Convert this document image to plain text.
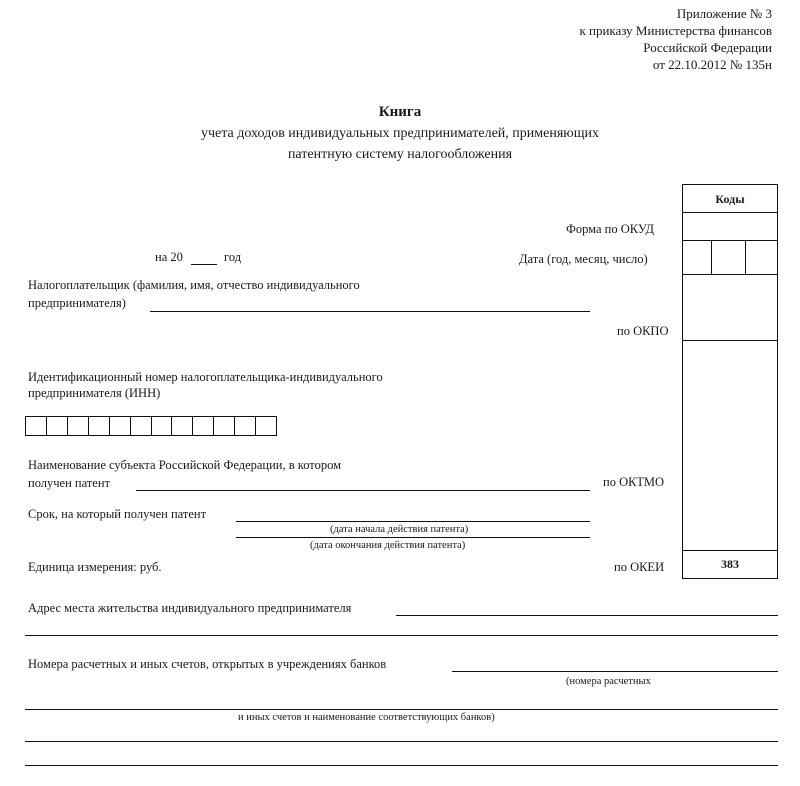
Приложение № 3
к приказу Министерства финансов
Российской Федерации
от 22.10.2012 № 135н
Книга
учета доходов индивидуальных предпринимателей, применяющих
патентную систему налогообложения
Коды
383
Форма по ОКУД
Дата (год, месяц, число)
по ОКПО
по ОКТМО
по ОКЕИ
на 20	год
Налогоплательщик (фамилия, имя, отчество индивидуального
предпринимателя)
Идентификационный номер налогоплательщика-индивидуального
предпринимателя (ИНН)
Наименование субъекта Российской Федерации, в котором
получен патент
Срок, на который получен патент
(дата начала действия патента)
(дата окончания действия патента)
Единица измерения: руб.
Адрес места жительства индивидуального предпринимателя
Номера расчетных и иных счетов, открытых в учреждениях банков
(номера расчетных
и иных счетов и наименование соответствующих банков)
